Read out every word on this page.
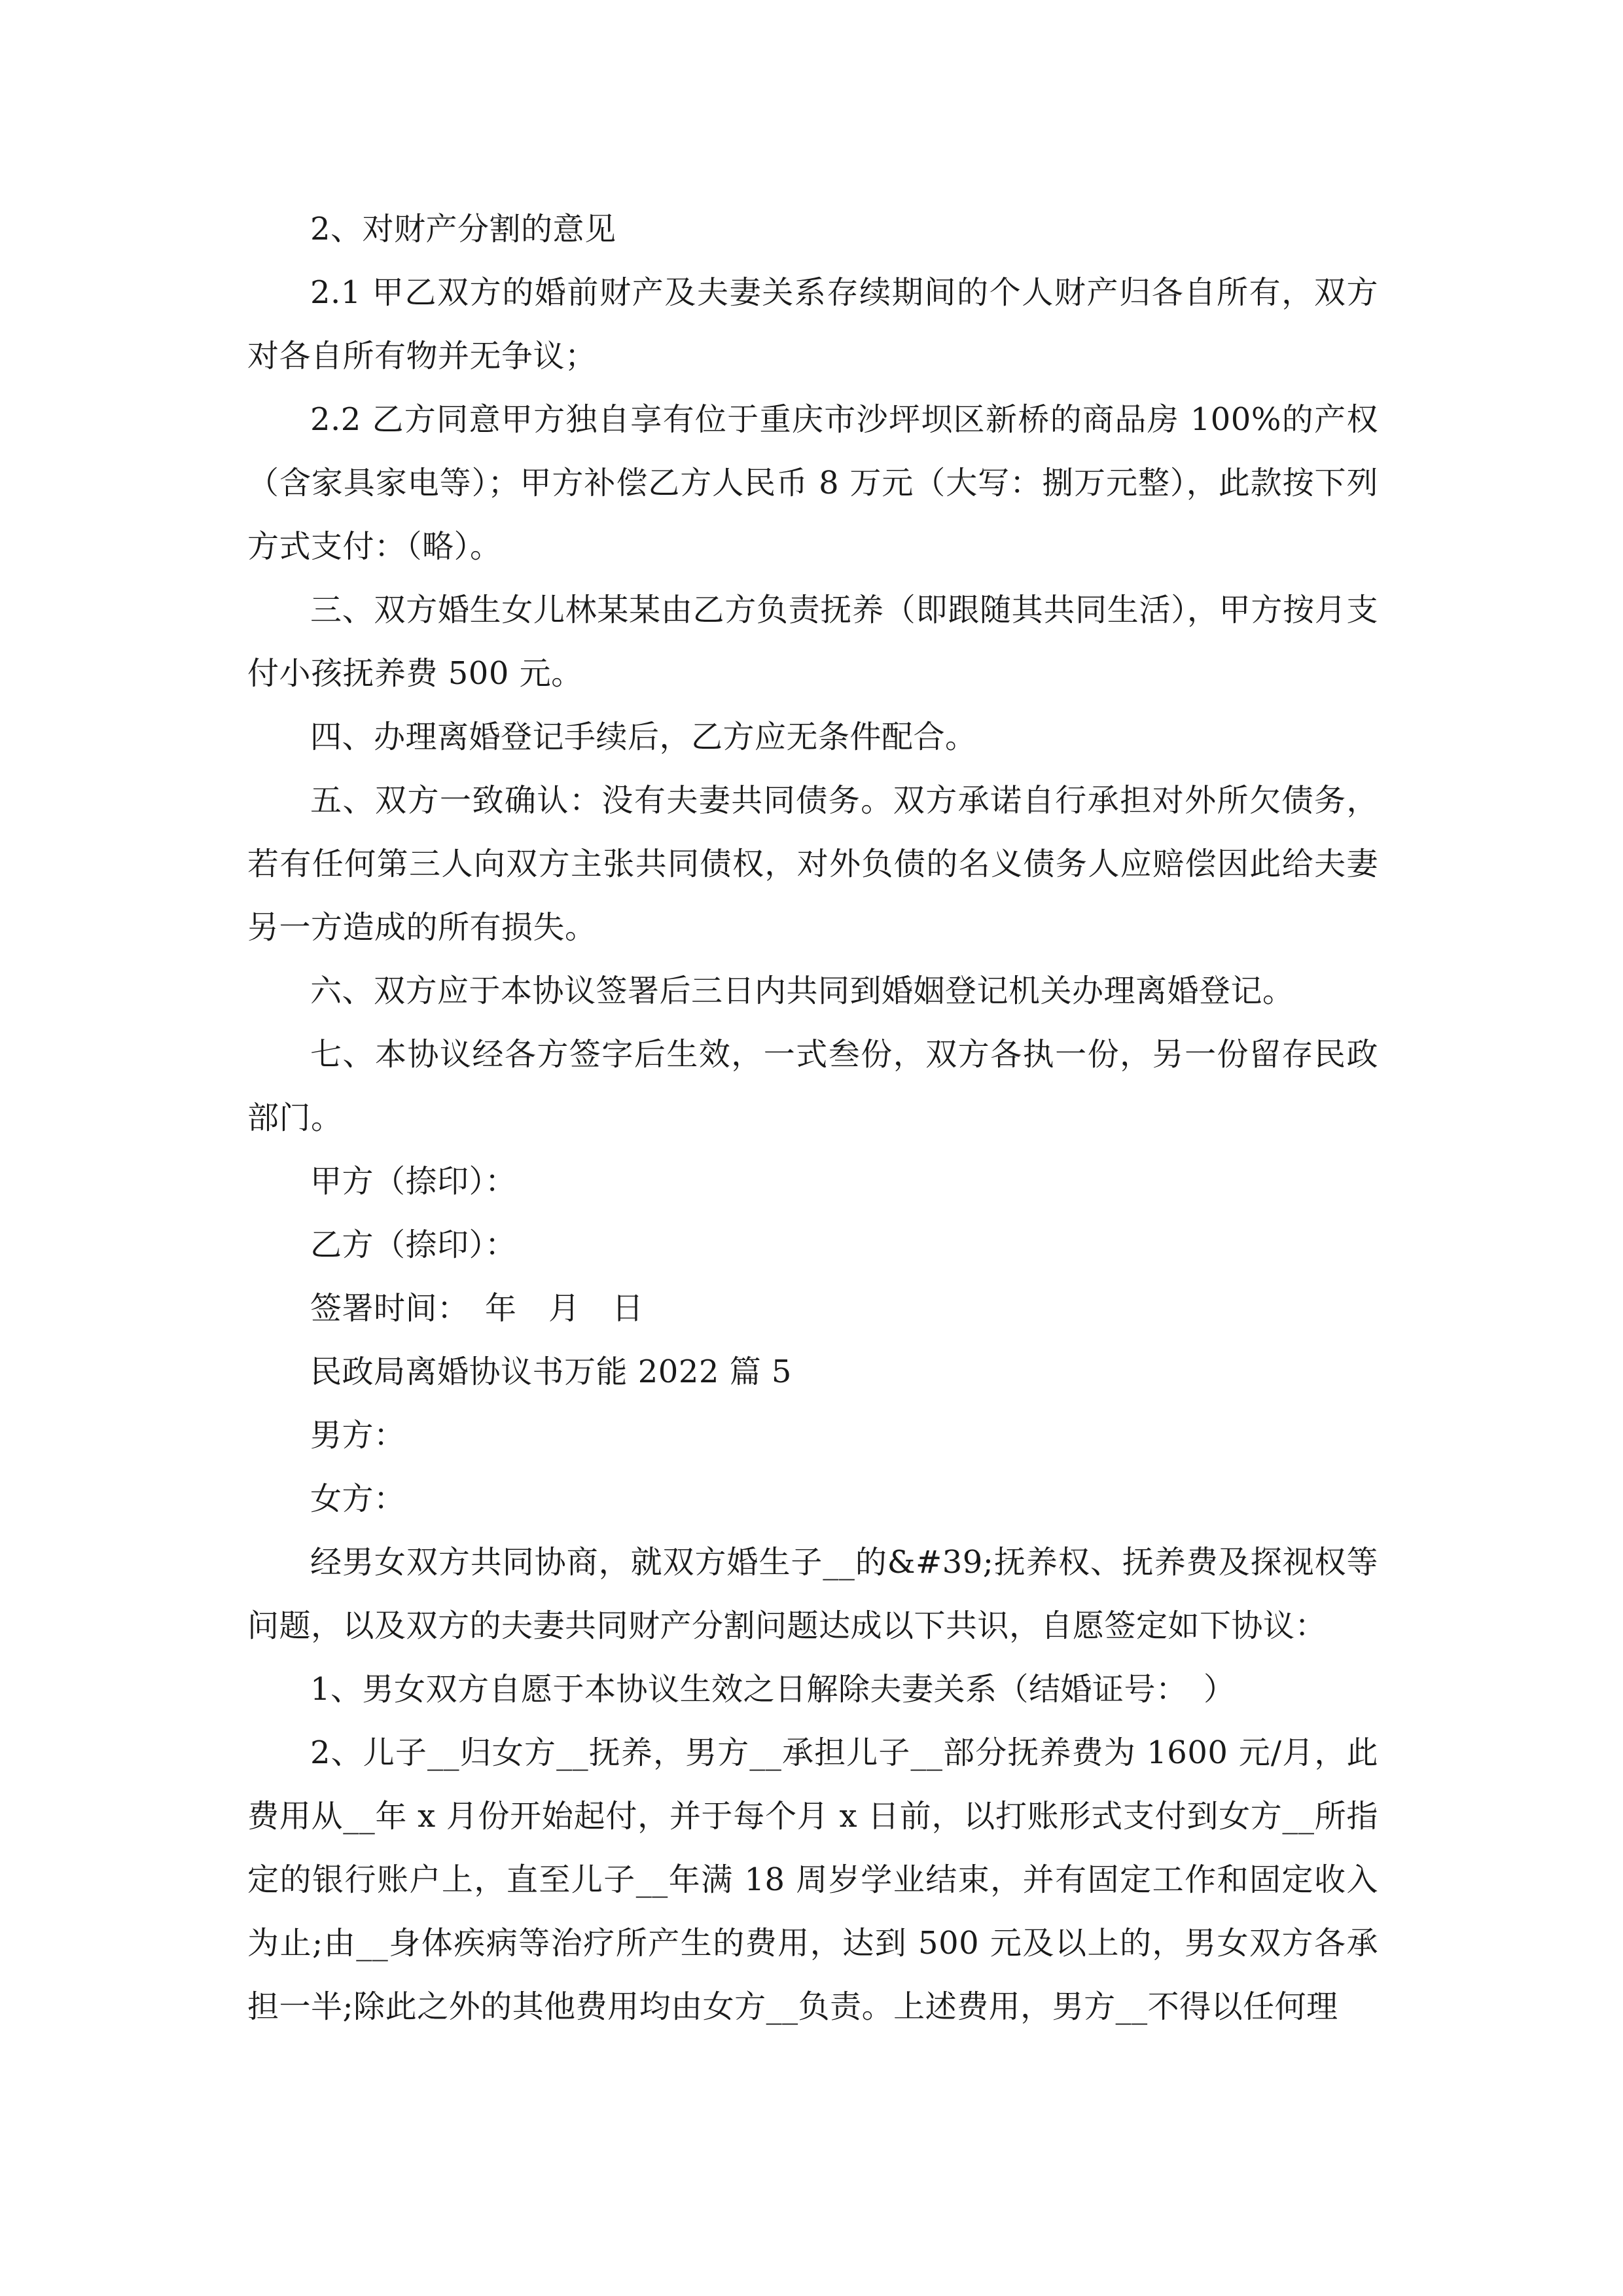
2、对财产分割的意见

2.1 甲乙双方的婚前财产及夫妻关系存续期间的个人财产归各自所有，双方对各自所有物并无争议；

2.2 乙方同意甲方独自享有位于重庆市沙坪坝区新桥的商品房 100%的产权（含家具家电等）；甲方补偿乙方人民币 8 万元（大写：捌万元整），此款按下列方式支付：（略）。

三、双方婚生女儿林某某由乙方负责抚养（即跟随其共同生活），甲方按月支付小孩抚养费 500 元。

四、办理离婚登记手续后，乙方应无条件配合。

五、双方一致确认：没有夫妻共同债务。双方承诺自行承担对外所欠债务，若有任何第三人向双方主张共同债权，对外负债的名义债务人应赔偿因此给夫妻另一方造成的所有损失。

六、双方应于本协议签署后三日内共同到婚姻登记机关办理离婚登记。

七、本协议经各方签字后生效，一式叁份，双方各执一份，另一份留存民政部门。

甲方（捺印）：

乙方（捺印）：

签署时间：　年　月　日

民政局离婚协议书万能 2022 篇 5

男方：

女方：

经男女双方共同协商，就双方婚生子__的&#39;抚养权、抚养费及探视权等问题，以及双方的夫妻共同财产分割问题达成以下共识，自愿签定如下协议：

1、男女双方自愿于本协议生效之日解除夫妻关系（结婚证号：　）

2、儿子__归女方__抚养，男方__承担儿子__部分抚养费为 1600 元/月，此费用从__年 x 月份开始起付，并于每个月 x 日前，以打账形式支付到女方__所指定的银行账户上，直至儿子__年满 18 周岁学业结束，并有固定工作和固定收入为止;由__身体疾病等治疗所产生的费用，达到 500 元及以上的，男女双方各承担一半;除此之外的其他费用均由女方__负责。上述费用，男方__不得以任何理
